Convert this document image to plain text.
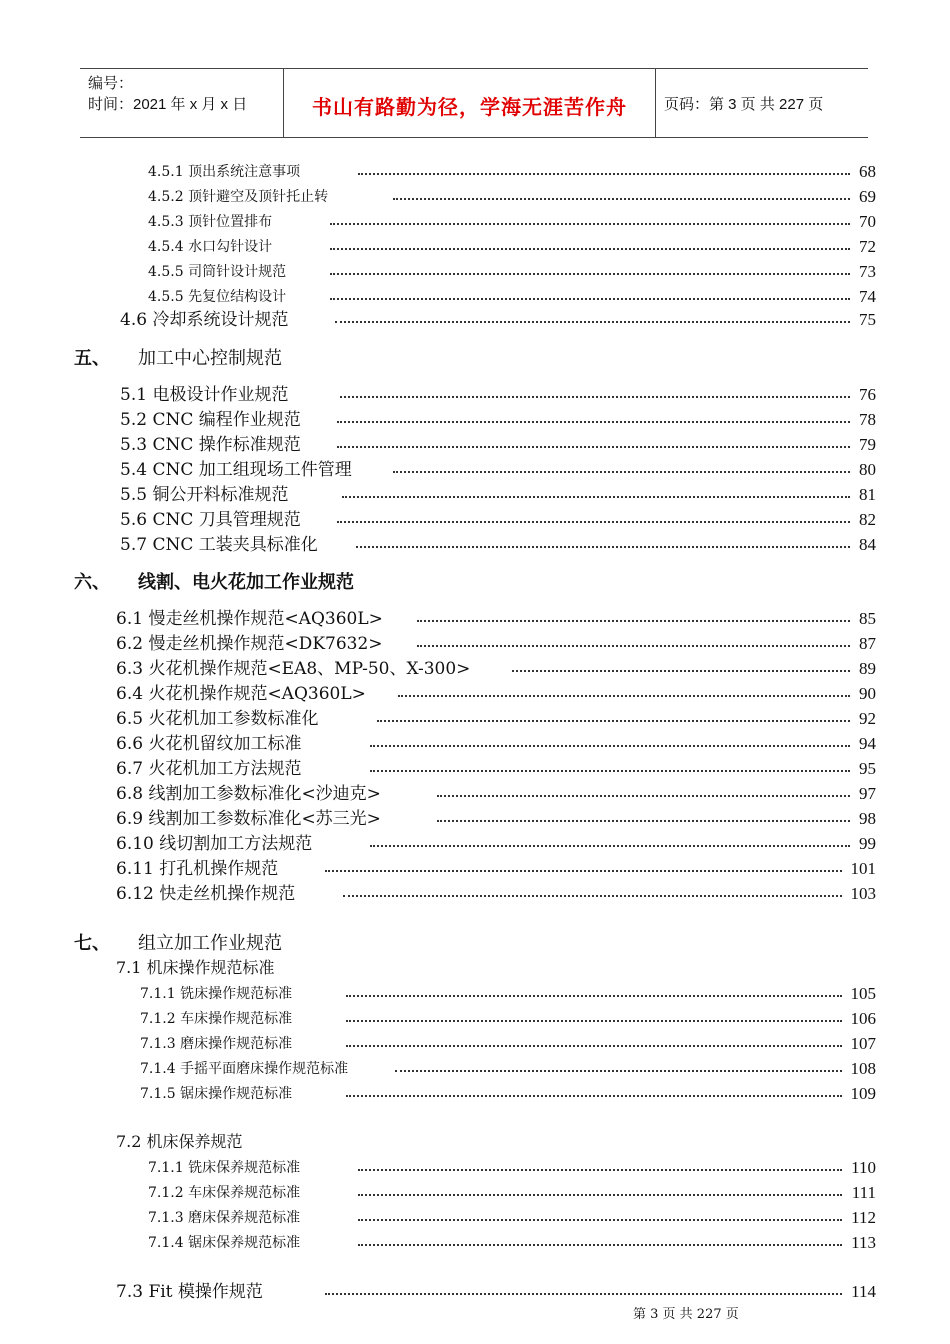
编号：
时间：2021 年 x 月 x 日	书山有路勤为径，学海无涯苦作舟	页码：第 3 页 共 227 页
4.5.1 顶出系统注意事项	68
4.5.2 顶针避空及顶针托止转	69
4.5.3 顶针位置排布	70
4.5.4 水口勾针设计	72
4.5.5 司筒针设计规范	73
4.5.5 先复位结构设计	74
4.6 冷却系统设计规范	75
五、 加工中心控制规范
5.1 电极设计作业规范	76
5.2 CNC 编程作业规范	78
5.3 CNC 操作标准规范	79
5.4 CNC 加工组现场工件管理	80
5.5 铜公开料标准规范	81
5.6 CNC 刀具管理规范	82
5.7 CNC 工装夹具标准化	84
六、 线割、电火花加工作业规范
6.1 慢走丝机操作规范<AQ360L>	85
6.2 慢走丝机操作规范<DK7632>	87
6.3 火花机操作规范<EA8、MP-50、X-300>	89
6.4 火花机操作规范<AQ360L>	90
6.5 火花机加工参数标准化	92
6.6 火花机留纹加工标准	94
6.7 火花机加工方法规范	95
6.8 线割加工参数标准化<沙迪克>	97
6.9 线割加工参数标准化<苏三光>	98
6.10 线切割加工方法规范	99
6.11 打孔机操作规范	101
6.12 快走丝机操作规范	103
七、 组立加工作业规范
7.1 机床操作规范标准
7.1.1 铣床操作规范标准	105
7.1.2 车床操作规范标准	106
7.1.3 磨床操作规范标准	107
7.1.4 手摇平面磨床操作规范标准	108
7.1.5 锯床操作规范标准	109
7.2 机床保养规范
7.1.1 铣床保养规范标准	110
7.1.2 车床保养规范标准	111
7.1.3 磨床保养规范标准	112
7.1.4 锯床保养规范标准	113
7.3 Fit 模操作规范	114
第 3 页 共 227 页
